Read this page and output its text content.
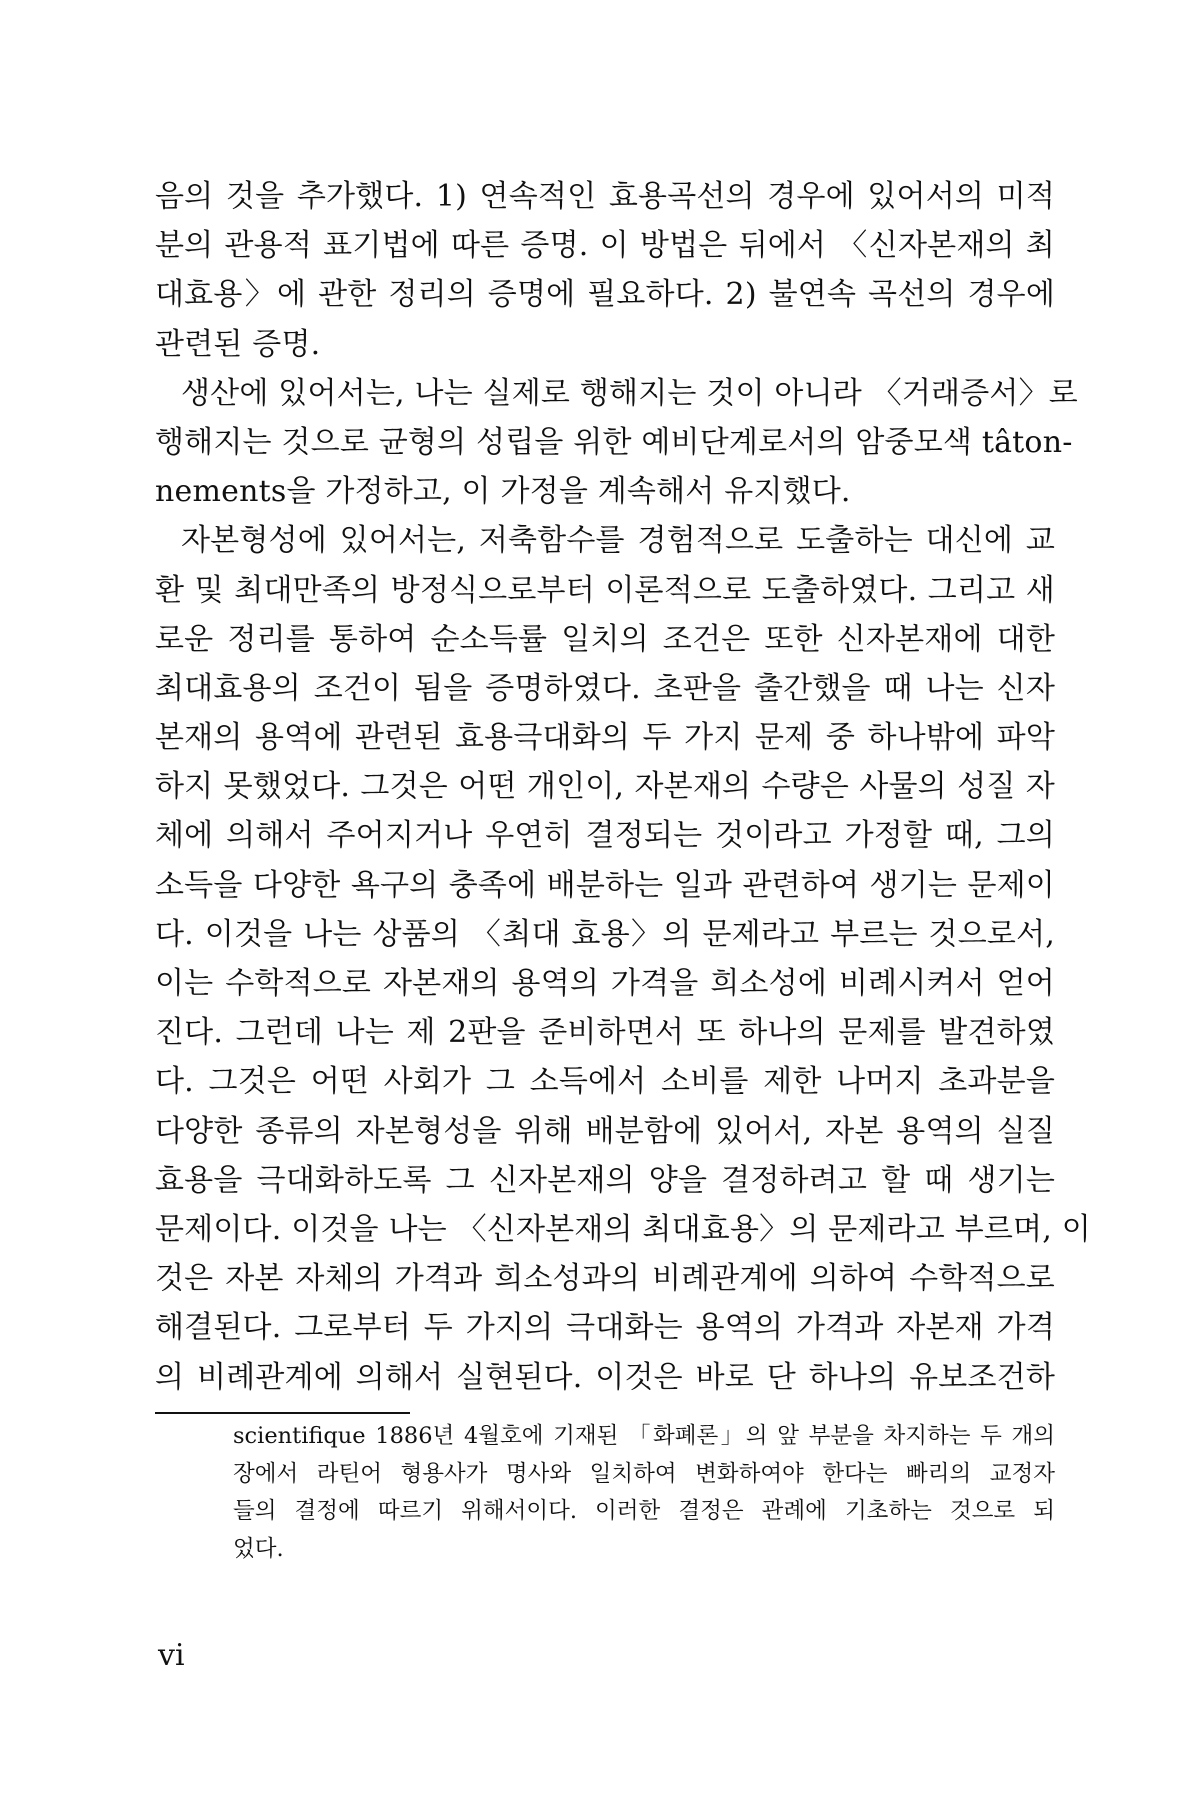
음의 것을 추가했다. 1) 연속적인 효용곡선의 경우에 있어서의 미적
분의 관용적 표기법에 따른 증명. 이 방법은 뒤에서 〈신자본재의 최
대효용〉에 관한 정리의 증명에 필요하다. 2) 불연속 곡선의 경우에
관련된 증명.
생산에 있어서는, 나는 실제로 행해지는 것이 아니라 〈거래증서〉로
행해지는 것으로 균형의 성립을 위한 예비단계로서의 암중모색 tâton-
nements을 가정하고, 이 가정을 계속해서 유지했다.
자본형성에 있어서는, 저축함수를 경험적으로 도출하는 대신에 교
환 및 최대만족의 방정식으로부터 이론적으로 도출하였다. 그리고 새
로운 정리를 통하여 순소득률 일치의 조건은 또한 신자본재에 대한
최대효용의 조건이 됨을 증명하였다. 초판을 출간했을 때 나는 신자
본재의 용역에 관련된 효용극대화의 두 가지 문제 중 하나밖에 파악
하지 못했었다. 그것은 어떤 개인이, 자본재의 수량은 사물의 성질 자
체에 의해서 주어지거나 우연히 결정되는 것이라고 가정할 때, 그의
소득을 다양한 욕구의 충족에 배분하는 일과 관련하여 생기는 문제이
다. 이것을 나는 상품의 〈최대 효용〉의 문제라고 부르는 것으로서,
이는 수학적으로 자본재의 용역의 가격을 희소성에 비례시켜서 얻어
진다. 그런데 나는 제 2판을 준비하면서 또 하나의 문제를 발견하였
다. 그것은 어떤 사회가 그 소득에서 소비를 제한 나머지 초과분을
다양한 종류의 자본형성을 위해 배분함에 있어서, 자본 용역의 실질
효용을 극대화하도록 그 신자본재의 양을 결정하려고 할 때 생기는
문제이다. 이것을 나는 〈신자본재의 최대효용〉의 문제라고 부르며, 이
것은 자본 자체의 가격과 희소성과의 비례관계에 의하여 수학적으로
해결된다. 그로부터 두 가지의 극대화는 용역의 가격과 자본재 가격
의 비례관계에 의해서 실현된다. 이것은 바로 단 하나의 유보조건하
scientifique 1886년 4월호에 기재된 「화폐론」의 앞 부분을 차지하는 두 개의
장에서 라틴어 형용사가 명사와 일치하여 변화하여야 한다는 빠리의 교정자
들의 결정에 따르기 위해서이다. 이러한 결정은 관례에 기초하는 것으로 되
었다.
vi
